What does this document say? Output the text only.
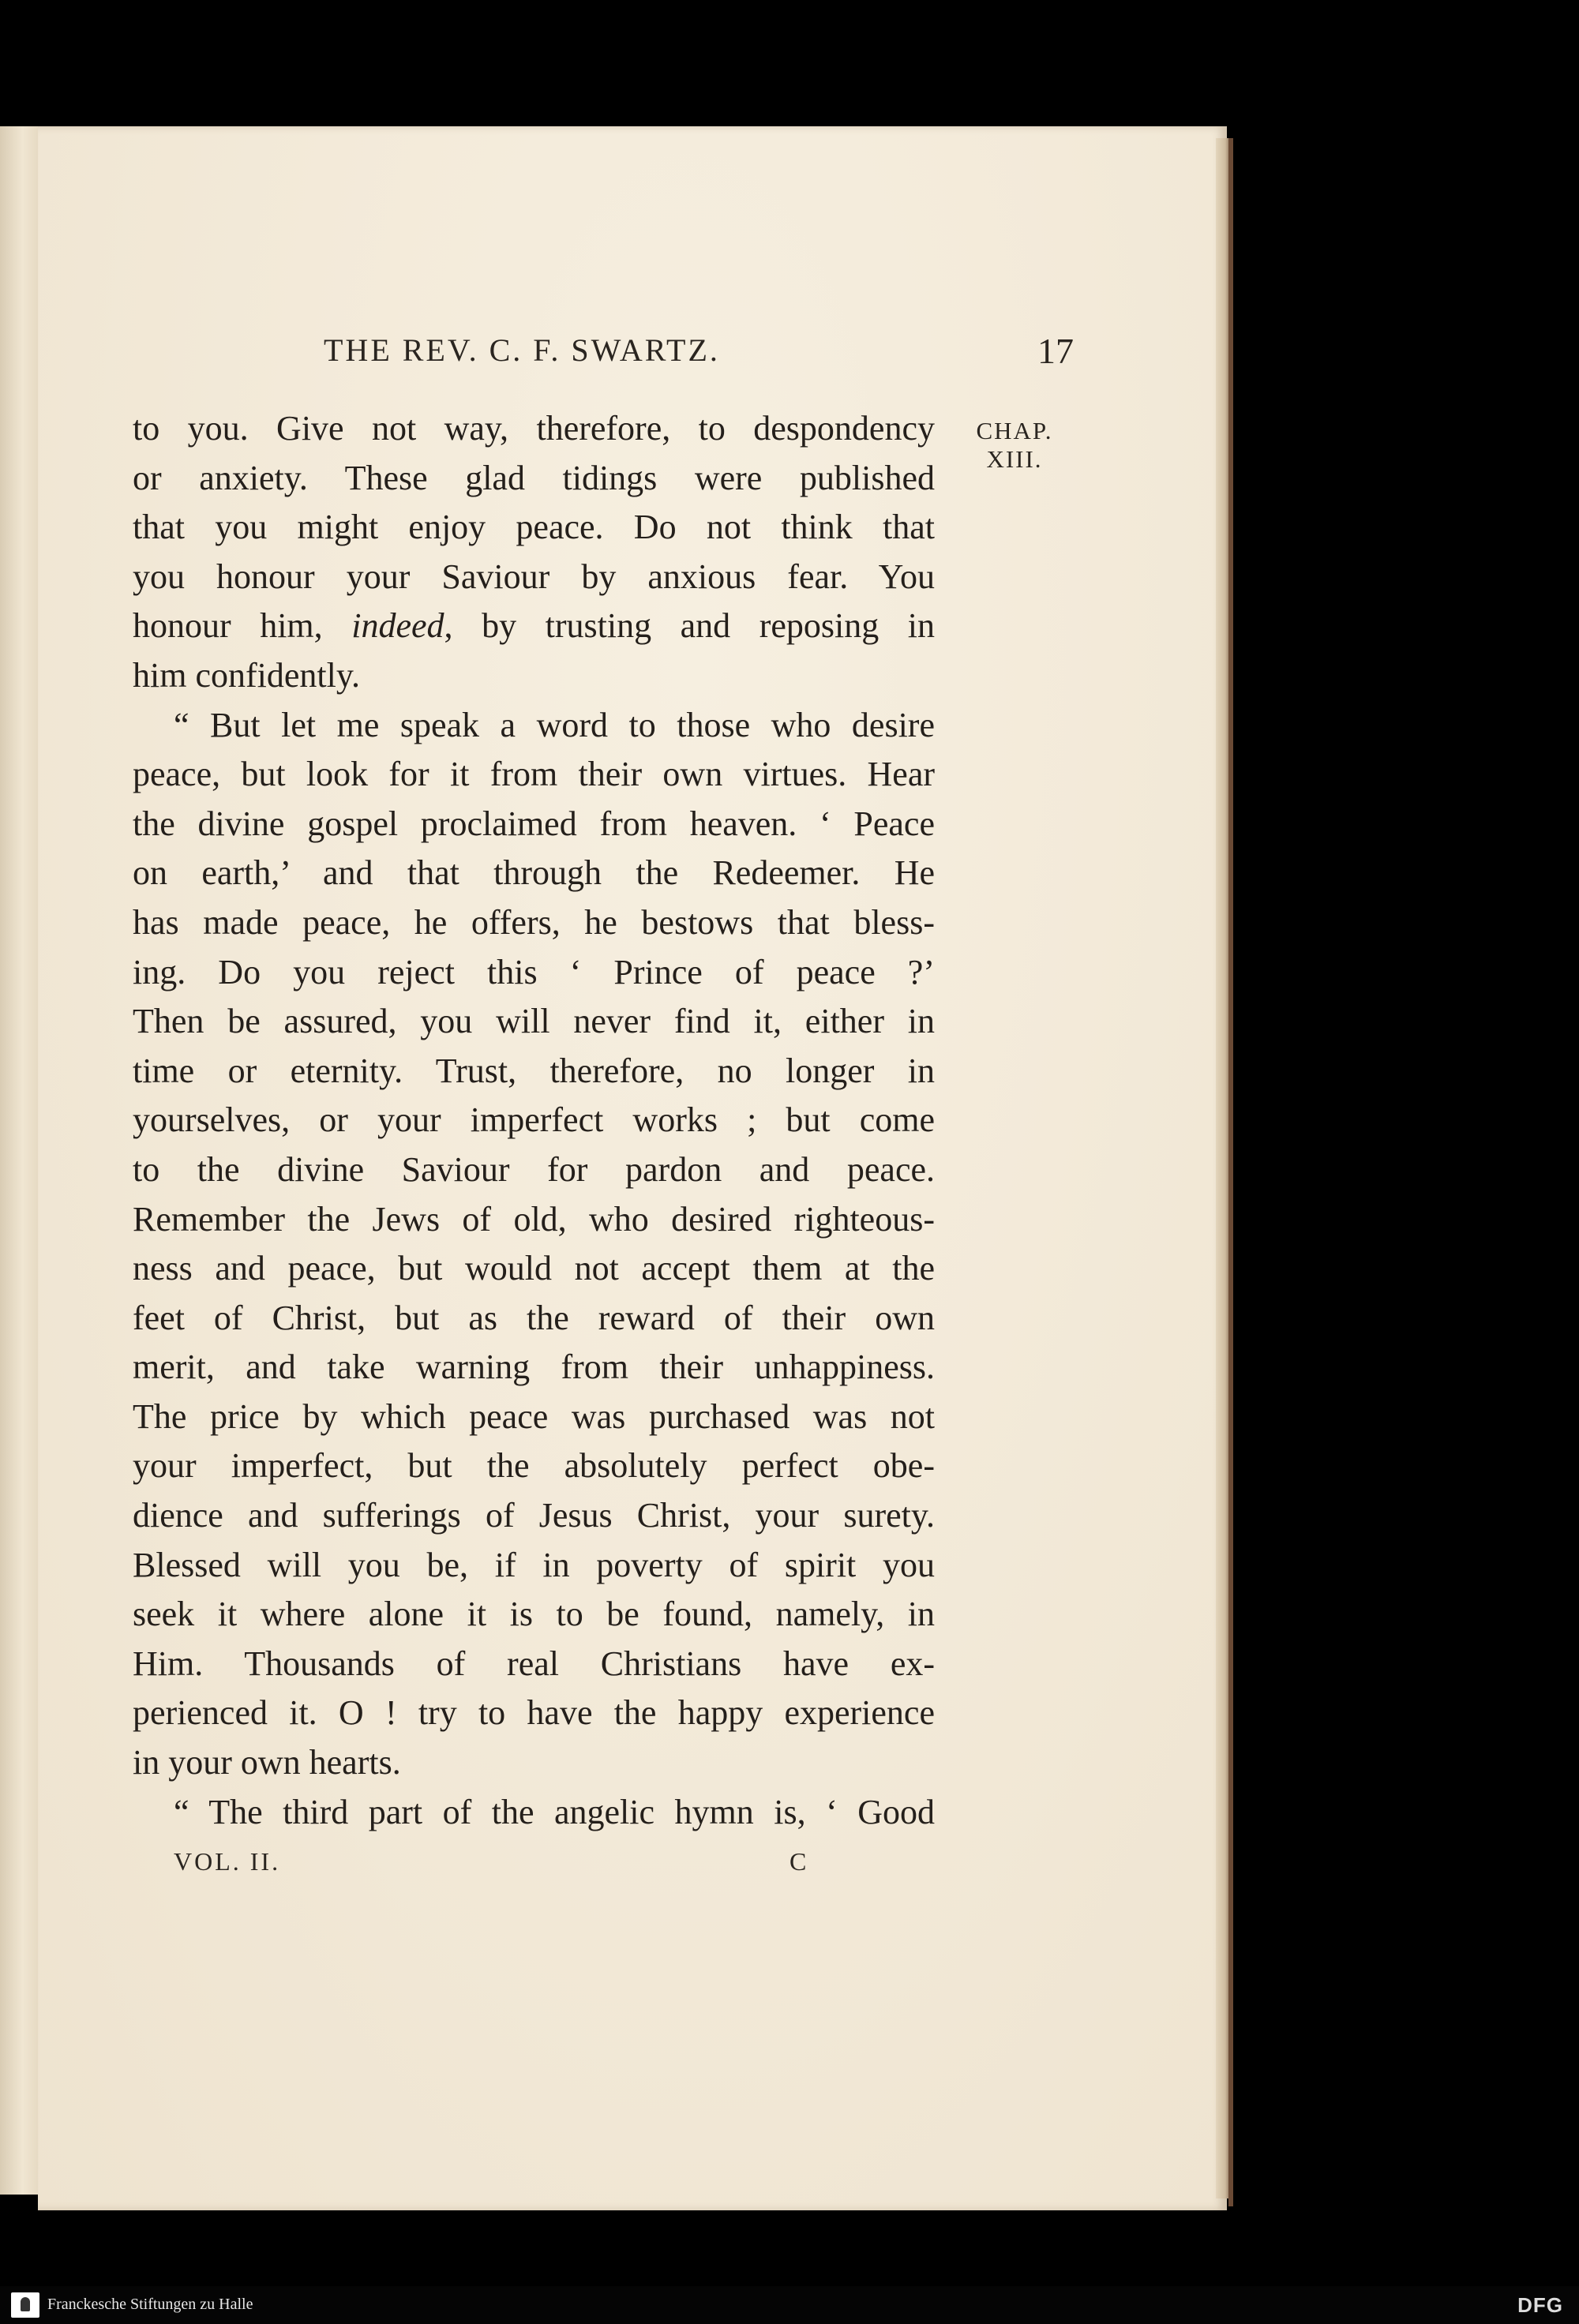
THE REV. C. F. SWARTZ.	17
CHAP.
XIII.
to you. Give not way, therefore, to despondency
or anxiety. These glad tidings were published
that you might enjoy peace. Do not think that
you honour your Saviour by anxious fear. You
honour him, indeed, by trusting and reposing in
him confidently.
“ But let me speak a word to those who desire
peace, but look for it from their own virtues. Hear
the divine gospel proclaimed from heaven. ‘ Peace
on earth,’ and that through the Redeemer. He
has made peace, he offers, he bestows that bless-
ing. Do you reject this ‘ Prince of peace ?’
Then be assured, you will never find it, either in
time or eternity. Trust, therefore, no longer in
yourselves, or your imperfect works ; but come
to the divine Saviour for pardon and peace.
Remember the Jews of old, who desired righteous-
ness and peace, but would not accept them at the
feet of Christ, but as the reward of their own
merit, and take warning from their unhappiness.
The price by which peace was purchased was not
your imperfect, but the absolutely perfect obe-
dience and sufferings of Jesus Christ, your surety.
Blessed will you be, if in poverty of spirit you
seek it where alone it is to be found, namely, in
Him. Thousands of real Christians have ex-
perienced it. O ! try to have the happy experience
in your own hearts.
“ The third part of the angelic hymn is, ‘ Good
VOL. II.	C
Franckesche Stiftungen zu Halle	DFG
